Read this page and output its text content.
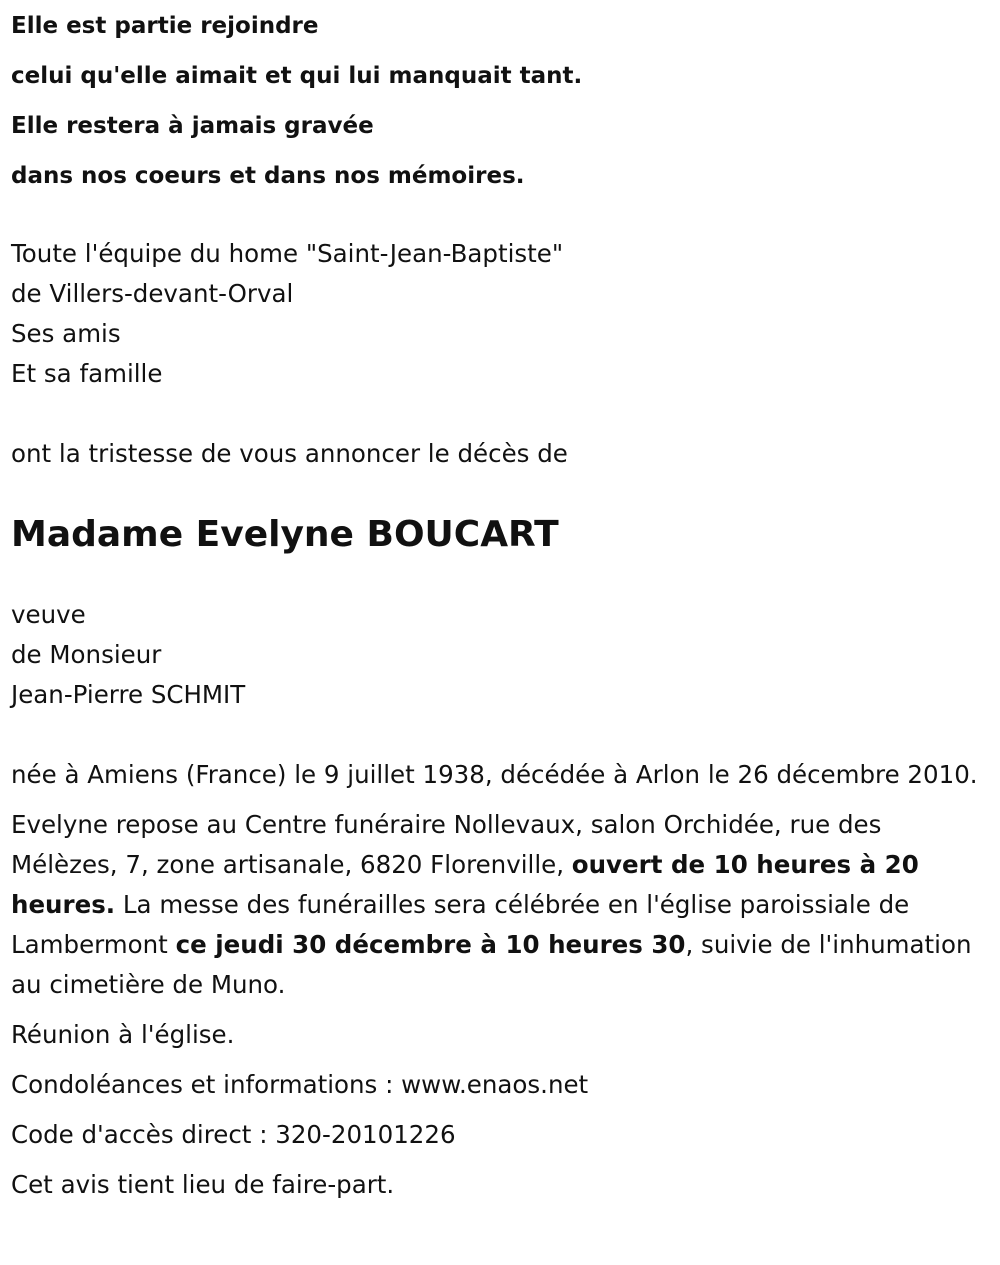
Elle est partie rejoindre
celui qu'elle aimait et qui lui manquait tant.
Elle restera à jamais gravée
dans nos coeurs et dans nos mémoires.
Toute l'équipe du home "Saint-Jean-Baptiste"
de Villers-devant-Orval
Ses amis
Et sa famille
ont la tristesse de vous annoncer le décès de
Madame Evelyne BOUCART
veuve
de Monsieur
Jean-Pierre SCHMIT

née à Amiens (France) le 9 juillet 1938, décédée à Arlon le 26 décembre 2010.

Evelyne repose au Centre funéraire Nollevaux, salon Orchidée, rue des Mélèzes, 7, zone artisanale, 6820 Florenville, ouvert de 10 heures à 20 heures. La messe des funérailles sera célébrée en l'église paroissiale de Lambermont ce jeudi 30 décembre à 10 heures 30, suivie de l'inhumation au cimetière de Muno.

Réunion à l'église.

Condoléances et informations : www.enaos.net

Code d'accès direct : 320-20101226

Cet avis tient lieu de faire-part.
